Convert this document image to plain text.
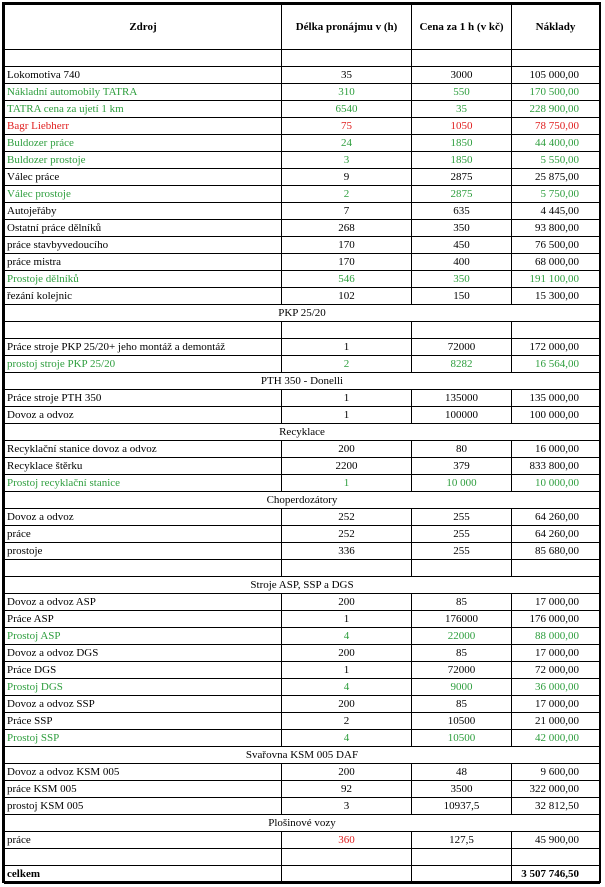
Zdroj	Délka pronájmu v (h)	Cena za 1 h (v kč)	Náklady

Lokomotiva 740	35	3000	105 000,00
Nákladní automobily TATRA	310	550	170 500,00
TATRA cena za ujetí 1 km	6540	35	228 900,00
Bagr Liebherr	75	1050	78 750,00
Buldozer práce	24	1850	44 400,00
Buldozer prostoje	3	1850	5 550,00
Válec práce	9	2875	25 875,00
Válec prostoje	2	2875	5 750,00
Autojeřáby	7	635	4 445,00
Ostatní práce dělníků	268	350	93 800,00
práce stavbyvedoucího	170	450	76 500,00
práce mistra	170	400	68 000,00
Prostoje dělníků	546	350	191 100,00
řezání kolejnic	102	150	15 300,00
PKP 25/20			

Práce stroje PKP 25/20+ jeho montáž a demontáž	1	72000	172 000,00
prostoj stroje PKP 25/20	2	8282	16 564,00
PTH 350 - Donelli			
Práce stroje PTH 350	1	135000	135 000,00
Dovoz a odvoz	1	100000	100 000,00
Recyklace			
Recyklační stanice dovoz a odvoz	200	80	16 000,00
Recyklace štěrku	2200	379	833 800,00
Prostoj recyklační stanice	1	10 000	10 000,00
Choperdozátory			
Dovoz a odvoz	252	255	64 260,00
práce	252	255	64 260,00
prostoje	336	255	85 680,00

Stroje ASP, SSP a DGS			
Dovoz a odvoz ASP	200	85	17 000,00
Práce ASP	1	176000	176 000,00
Prostoj ASP	4	22000	88 000,00
Dovoz a odvoz DGS	200	85	17 000,00
Práce DGS	1	72000	72 000,00
Prostoj DGS	4	9000	36 000,00
Dovoz a odvoz SSP	200	85	17 000,00
Práce SSP	2	10500	21 000,00
Prostoj SSP	4	10500	42 000,00
Svařovna KSM 005 DAF			
Dovoz a odvoz KSM 005	200	48	9 600,00
práce KSM 005	92	3500	322 000,00
prostoj KSM 005	3	10937,5	32 812,50
Plošinové vozy			
práce	360	127,5	45 900,00

celkem			3 507 746,50
